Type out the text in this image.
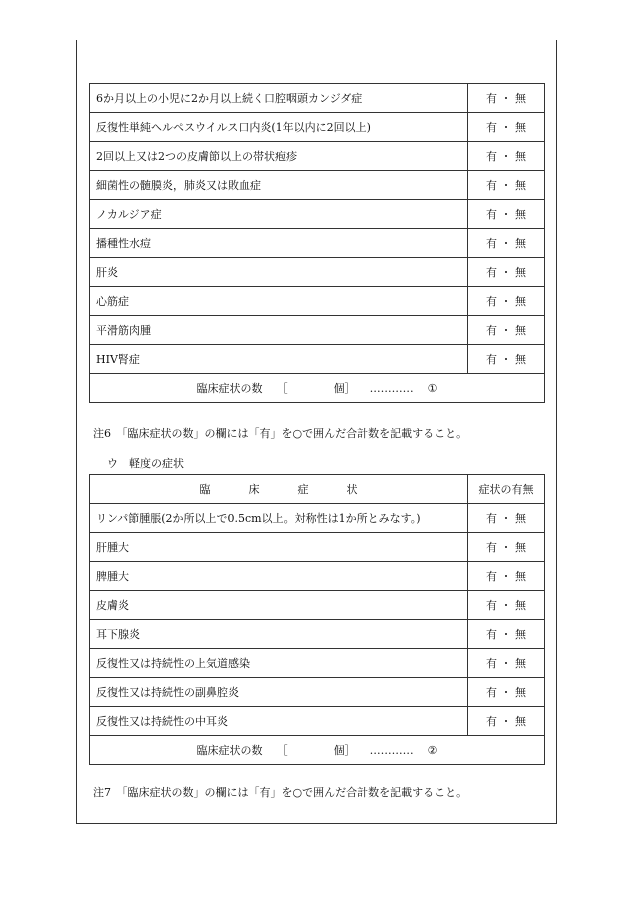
6か月以上の小児に2か月以上続く口腔咽頭カンジダ症	有 ・ 無
反復性単純ヘルペスウイルス口内炎(1年以内に2回以上)	有 ・ 無
2回以上又は2つの皮膚節以上の帯状疱疹	有 ・ 無
細菌性の髄膜炎，肺炎又は敗血症	有 ・ 無
ノカルジア症	有 ・ 無
播種性水痘	有 ・ 無
肝炎	有 ・ 無
心筋症	有 ・ 無
平滑筋肉腫	有 ・ 無
HIV腎症	有 ・ 無
臨床症状の数 ［ 個］ ………… ①	
注6　「臨床症状の数」の欄には「有」を○で囲んだ合計数を記載すること。
ウ　軽度の症状
臨 床 症 状	症状の有無
リンパ節腫脹(2か所以上で0.5cm以上。対称性は1か所とみなす。)	有 ・ 無
肝腫大	有 ・ 無
脾腫大	有 ・ 無
皮膚炎	有 ・ 無
耳下腺炎	有 ・ 無
反復性又は持続性の上気道感染	有 ・ 無
反復性又は持続性の副鼻腔炎	有 ・ 無
反復性又は持続性の中耳炎	有 ・ 無
臨床症状の数 ［ 個］ ………… ②	
注7　「臨床症状の数」の欄には「有」を○で囲んだ合計数を記載すること。
